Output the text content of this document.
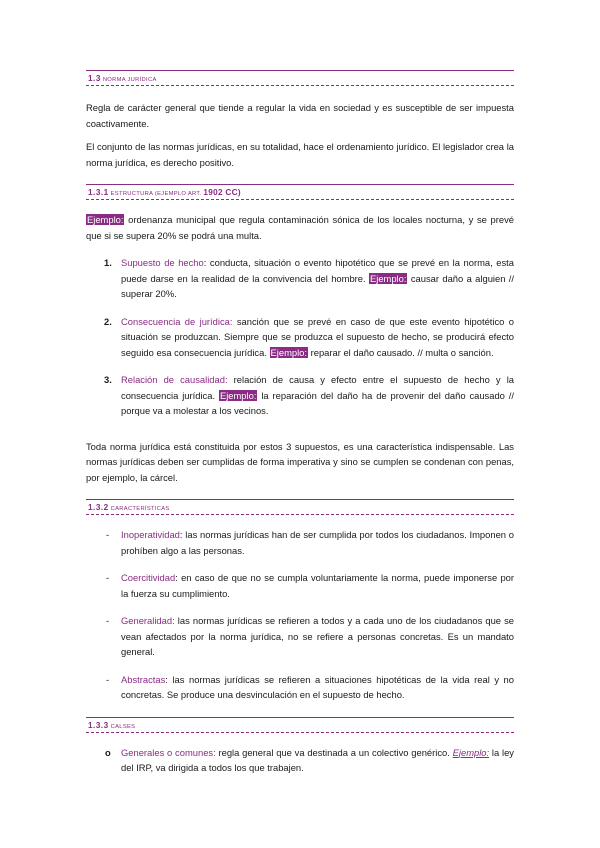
1.3 NORMA JURÍDICA

Regla de carácter general que tiende a regular la vida en sociedad y es susceptible de ser impuesta coactivamente.

El conjunto de las normas jurídicas, en su totalidad, hace el ordenamiento jurídico. El legislador crea la norma jurídica, es derecho positivo.

1.3.1 ESTRUCTURA (EJEMPLO ART. 1902 CC)

Ejemplo: ordenanza municipal que regula contaminación sónica de los locales nocturna, y se prevé que si se supera 20% se podrá una multa.

1. Supuesto de hecho: conducta, situación o evento hipotético que se prevé en la norma, esta puede darse en la realidad de la convivencia del hombre. Ejemplo: causar daño a alguien // superar 20%.

2. Consecuencia de jurídica: sanción que se prevé en caso de que este evento hipotético o situación se produzcan. Siempre que se produzca el supuesto de hecho, se producirá efecto seguido esa consecuencia jurídica. Ejemplo: reparar el daño causado. // multa o sanción.

3. Relación de causalidad: relación de causa y efecto entre el supuesto de hecho y la consecuencia jurídica. Ejemplo: la reparación del daño ha de provenir del daño causado // porque va a molestar a los vecinos.

Toda norma jurídica está constituida por estos 3 supuestos, es una característica indispensable. Las normas jurídicas deben ser cumplidas de forma imperativa y sino se cumplen se condenan con penas, por ejemplo, la cárcel.

1.3.2 CARACTERÍSTICAS
- Inoperatividad: las normas jurídicas han de ser cumplida por todos los ciudadanos. Imponen o prohíben algo a las personas.

- Coercitividad: en caso de que no se cumpla voluntariamente la norma, puede imponerse por la fuerza su cumplimiento.

- Generalidad: las normas jurídicas se refieren a todos y a cada uno de los ciudadanos que se vean afectados por la norma jurídica, no se refiere a personas concretas. Es un mandato general.

- Abstractas: las normas jurídicas se refieren a situaciones hipotéticas de la vida real y no concretas. Se produce una desvinculación en el supuesto de hecho.

1.3.3 CALSES
o Generales o comunes: regla general que va destinada a un colectivo genérico. Ejemplo: la ley del IRP, va dirigida a todos los que trabajen.
